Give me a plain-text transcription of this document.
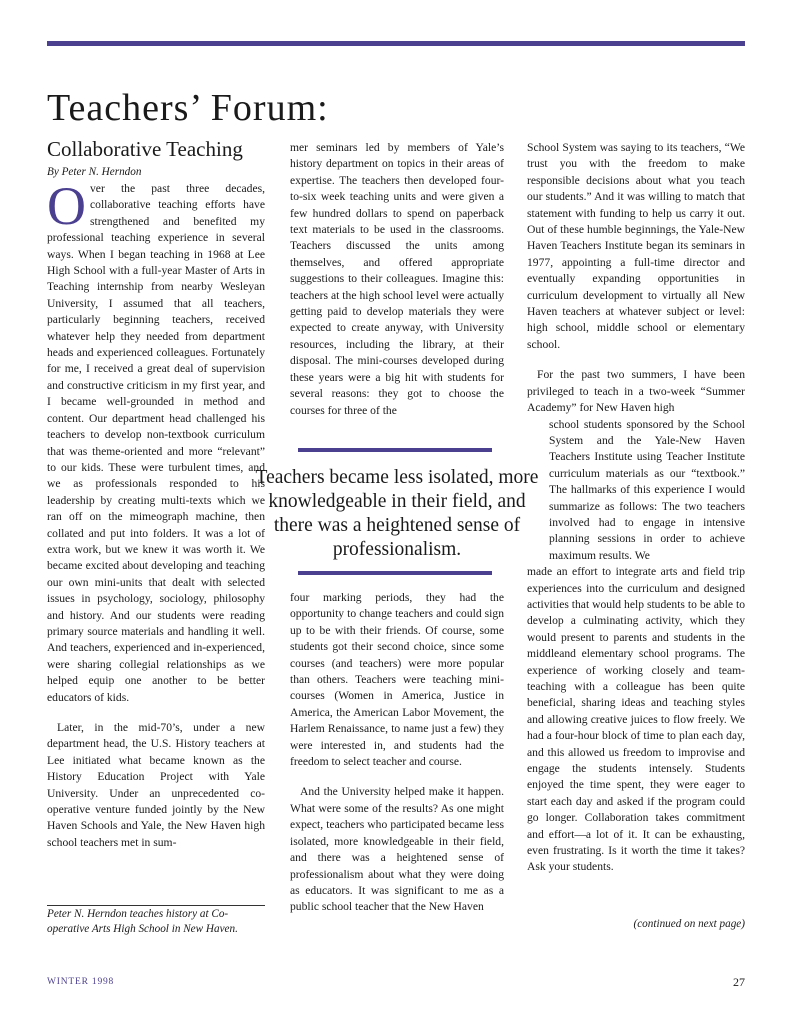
Teachers’ Forum:
Collaborative Teaching
By Peter N. Herndon

Over the past three decades, collaborative teaching efforts have strengthened and benefited my professional teaching experience in several ways. When I began teaching in 1968 at Lee High School with a full-year Master of Arts in Teaching internship from nearby Wesleyan University, I assumed that all teachers, particularly beginning teachers, received whatever help they needed from department heads and experienced colleagues. Fortunately for me, I received a great deal of supervision and constructive criticism in my first year, and I became well-grounded in method and content. Our department head challenged his teachers to develop non-textbook curriculum that was theme-oriented and more “relevant” to our kids. These were turbulent times, and we as professionals responded to his leadership by creating multi-texts which we ran off on the mimeograph machine, then collated and put into folders. It was a lot of extra work, but we knew it was worth it. We became excited about developing and teaching our own mini-units that dealt with selected issues in psychology, sociology, philosophy and history. And our students were reading primary source materials and handling it well. And teachers, experienced and in-experienced, were sharing collegial relationships as we helped equip one another to be better educators of kids.

Later, in the mid-70’s, under a new department head, the U.S. History teachers at Lee initiated what became known as the History Education Project with Yale University. Under an unprecedented co-operative venture funded jointly by the New Haven Schools and Yale, the New Haven high school teachers met in sum-

mer seminars led by members of Yale’s history department on topics in their areas of expertise. The teachers then developed four-to-six week teaching units and were given a few hundred dollars to spend on paperback text materials to be used in the classrooms. Teachers discussed the units among themselves, and offered appropriate suggestions to their colleagues. Imagine this: teachers at the high school level were actually getting paid to develop materials they were expected to create anyway, with University resources, including the library, at their disposal. The mini-courses developed during these years were a big hit with students for several reasons: they got to choose the courses for three of the

Teachers became less isolated, more knowledgeable in their field, and there was a heightened sense of professionalism.

four marking periods, they had the opportunity to change teachers and could sign up to be with their friends. Of course, some students got their second choice, since some courses (and teachers) were more popular than others. Teachers were teaching mini-courses (Women in America, Justice in America, the American Labor Movement, the Harlem Renaissance, to name just a few) they were interested in, and students had the freedom to select teacher and course.

And the University helped make it happen. What were some of the results? As one might expect, teachers who participated became less isolated, more knowledgeable in their field, and there was a heightened sense of professionalism about what they were doing as educators. It was significant to me as a public school teacher that the New Haven

School System was saying to its teachers, “We trust you with the freedom to make responsible decisions about what you teach our students.” And it was willing to match that statement with funding to help us carry it out. Out of these humble beginnings, the Yale-New Haven Teachers Institute began its seminars in 1977, appointing a full-time director and eventually expanding opportunities in curriculum development to virtually all New Haven teachers at whatever subject or level: high school, middle school or elementary school.

For the past two summers, I have been privileged to teach in a two-week “Summer Academy” for New Haven high

school students sponsored by the School System and the Yale-New Haven Teachers Institute using Teacher Institute curriculum materials as our “textbook.” The hallmarks of this experience I would summarize as follows: The two teachers involved had to engage in intensive planning sessions in order to achieve maximum results. We

made an effort to integrate arts and field trip experiences into the curriculum and designed activities that would help students to be able to develop a culminating activity, which they would present to parents and students in the middleand elementary school programs. The experience of working closely and team-teaching with a colleague has been quite beneficial, sharing ideas and teaching styles and allowing creative juices to flow freely. We had a four-hour block of time to plan each day, and this allowed us freedom to improvise and engage the students intensely. Students enjoyed the time spent, they were eager to start each day and asked if the program could go longer. Collaboration takes commitment and effort—a lot of it. It can be exhausting, even frustrating. Is it worth the time it takes? Ask your students.

Peter N. Herndon teaches history at Co-operative Arts High School in New Haven.	(continued on next page)
WINTER 1998	27
